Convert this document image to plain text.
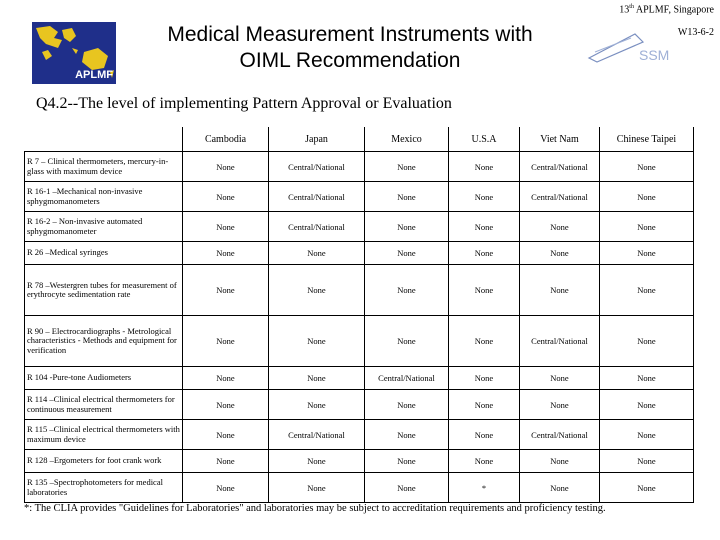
13th APLMF, Singapore
APLMF
Medical Measurement Instruments with
OIML Recommendation	SSM
W13-6-2
Q4.2--The level of implementing Pattern Approval or Evaluation
	Cambodia	Japan	Mexico	U.S.A	Viet Nam	Chinese Taipei
R 7 – Clinical thermometers, mercury-in-glass with maximum device	None	Central/National	None	None	Central/National	None
R 16-1 –Mechanical non-invasive sphygmomanometers	None	Central/National	None	None	Central/National	None
R 16-2 – Non-invasive automated sphygmomanometer	None	Central/National	None	None	None	None
R 26 –Medical syringes	None	None	None	None	None	None
R 78 –Westergren tubes for measurement of erythrocyte sedimentation rate	None	None	None	None	None	None
R 90 – Electrocardiographs - Metrological characteristics - Methods and equipment for verification	None	None	None	None	Central/National	None
R 104 -Pure-tone Audiometers	None	None	Central/National	None	None	None
R 114 –Clinical electrical thermometers for continuous measurement	None	None	None	None	None	None
R 115 –Clinical electrical thermometers with maximum device	None	Central/National	None	None	Central/National	None
R 128 –Ergometers for foot crank work	None	None	None	None	None	None
R 135 –Spectrophotometers for medical laboratories	None	None	None	*	None	None
*: The CLIA provides "Guidelines for Laboratories" and laboratories may be subject to accreditation requirements and proficiency testing.
